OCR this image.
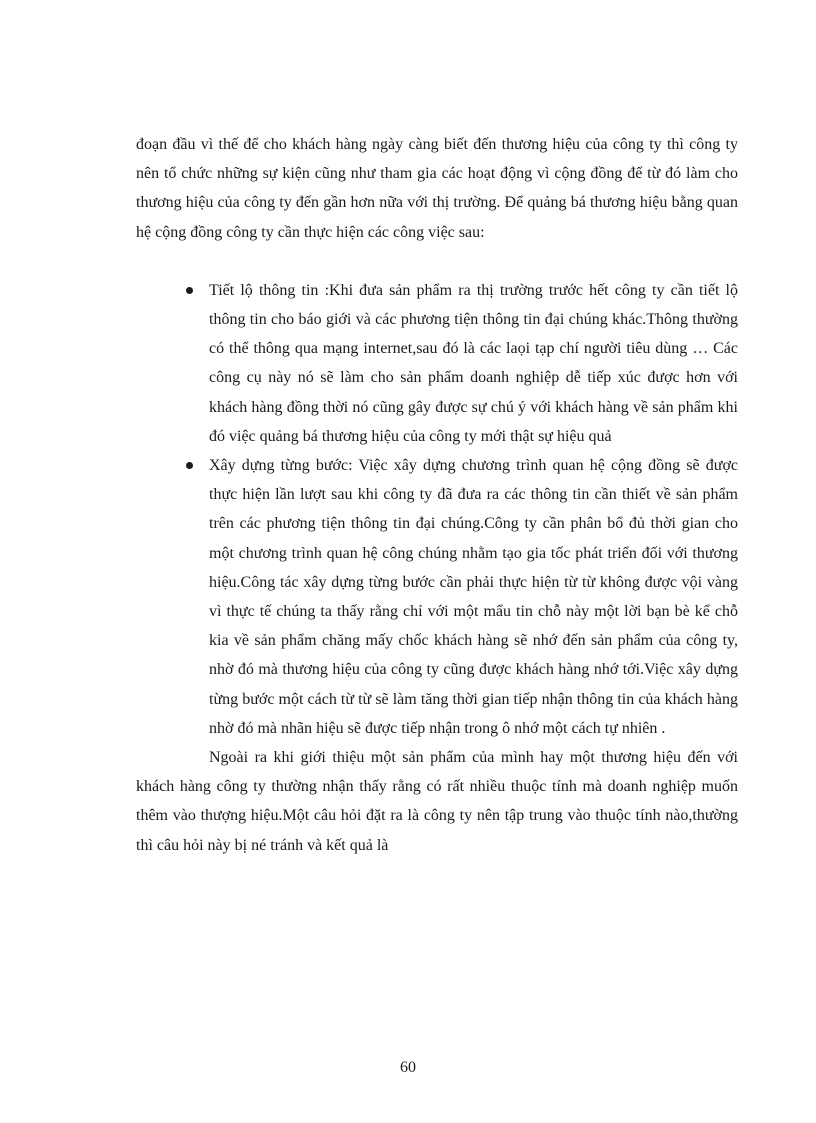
đoạn đầu vì thế để cho khách hàng ngày càng biết đến thương hiệu của công ty thì công ty nên tổ chức những sự kiện cũng như tham gia các hoạt động vì cộng đồng để từ đó làm cho thương hiệu của công ty đến gần hơn nữa với thị trường. Để quảng bá thương hiệu bằng quan hệ cộng đồng công ty cần thực hiện các công việc sau:

Tiết lộ thông tin :Khi đưa sản phẩm ra thị trường trước hết công ty cần tiết lộ thông tin cho báo giới và các phương tiện thông tin đại chúng khác.Thông thường có thể thông qua mạng internet,sau đó là các laọi tạp chí người tiêu dùng … Các công cụ này nó sẽ làm cho sản phẩm doanh nghiệp dễ tiếp xúc được hơn với khách hàng đồng thời nó cũng gây được sự chú ý với khách hàng về sản phẩm khi đó việc quảng bá thương hiệu của công ty mới thật sự hiệu quả
Xây dựng từng bước: Việc xây dựng chương trình quan hệ cộng đồng sẽ được thực hiện lần lượt sau khi công ty đã đưa ra các thông tin cần thiết về sản phẩm trên các phương tiện thông tin đại chúng.Công ty cần phân bổ đủ thời gian cho một chương trình quan hệ công chúng nhằm tạo gia tốc phát triển đối với thương hiệu.Công tác xây dựng từng bước cần phải thực hiện từ từ không được vội vàng vì thực tế chúng ta thấy rằng chỉ với một mẩu tin chỗ này một lời bạn bè kể chỗ kia về sản phẩm chăng mấy chốc khách hàng sẽ nhớ đến sản phẩm của công ty, nhờ đó mà thương hiệu của công ty cũng được khách hàng nhớ tới.Việc xây dựng từng bước một cách từ từ sẽ làm tăng thời gian tiếp nhận thông tin của khách hàng nhờ đó mà nhãn hiệu sẽ được tiếp nhận trong ô nhớ một cách tự nhiên .

Ngoài ra khi giới thiệu một sản phẩm của mình hay một thương hiệu đến với khách hàng công ty thường nhận thấy rằng có rất nhiều thuộc tính mà doanh nghiệp muốn thêm vào thượng hiệu.Một câu hỏi đặt ra là công ty nên tập trung vào thuộc tính nào,thường thì câu hỏi này bị né tránh và kết quả là

60
